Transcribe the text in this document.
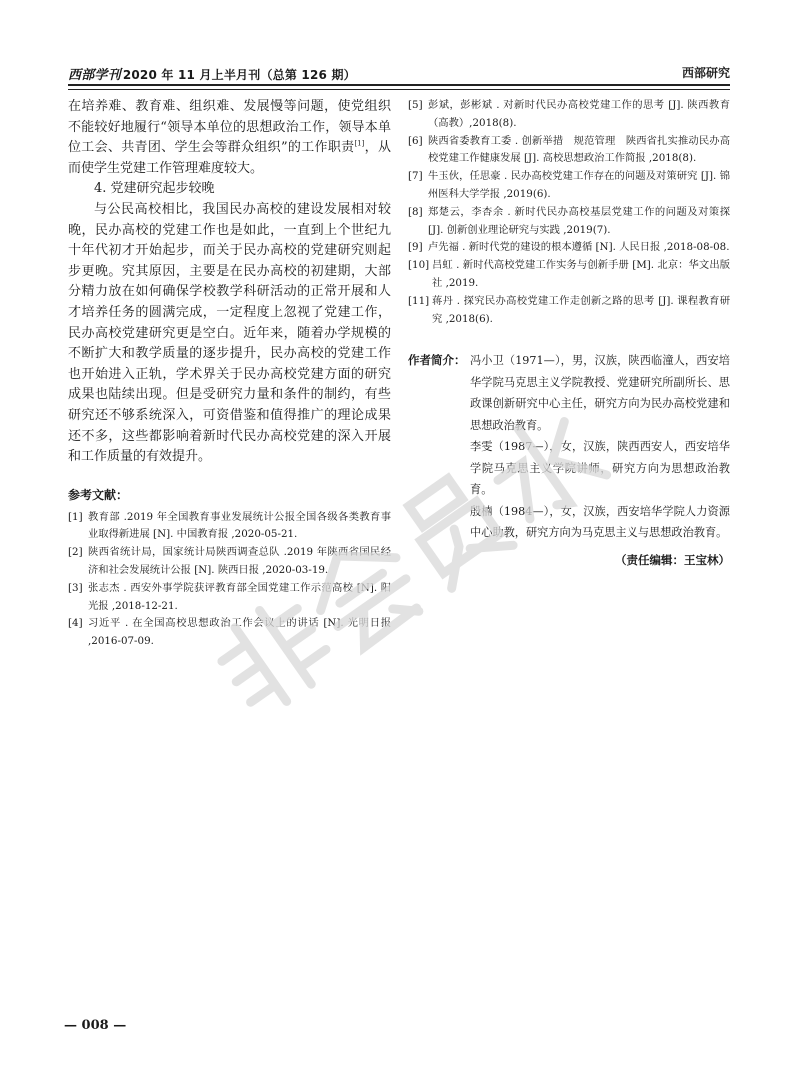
西部学刊 2020 年 11 月上半月刊（总第 126 期）	西部研究

在培养难、教育难、组织难、发展慢等问题，使党组织不能较好地履行“领导本单位的思想政治工作，领导本单位工会、共青团、学生会等群众组织”的工作职责[1]，从而使学生党建工作管理难度较大。

4. 党建研究起步较晚

与公民高校相比，我国民办高校的建设发展相对较晚，民办高校的党建工作也是如此，一直到上个世纪九十年代初才开始起步，而关于民办高校的党建研究则起步更晚。究其原因，主要是在民办高校的初建期，大部分精力放在如何确保学校教学科研活动的正常开展和人才培养任务的圆满完成，一定程度上忽视了党建工作，民办高校党建研究更是空白。近年来，随着办学规模的不断扩大和教学质量的逐步提升，民办高校的党建工作也开始进入正轨，学术界关于民办高校党建方面的研究成果也陆续出现。但是受研究力量和条件的制约，有些研究还不够系统深入，可资借鉴和值得推广的理论成果还不多，这些都影响着新时代民办高校党建的深入开展和工作质量的有效提升。

参考文献：
[1] 教育部 .2019 年全国教育事业发展统计公报全国各级各类教育事业取得新进展 [N]. 中国教育报 ,2020-05-21.
[2] 陕西省统计局，国家统计局陕西调查总队 .2019 年陕西省国民经济和社会发展统计公报 [N]. 陕西日报 ,2020-03-19.
[3] 张志杰 . 西安外事学院获评教育部全国党建工作示范高校 [N]. 阳光报 ,2018-12-21.
[4] 习近平 . 在全国高校思想政治工作会议上的讲话 [N]. 光明日报 ,2016-07-09.
[5] 彭斌，彭彬斌 . 对新时代民办高校党建工作的思考 [J]. 陕西教育（高教）,2018(8).
[6] 陕西省委教育工委 . 创新举措　规范管理　陕西省扎实推动民办高校党建工作健康发展 [J]. 高校思想政治工作简报 ,2018(8).
[7] 牛玉伙，任思豪 . 民办高校党建工作存在的问题及对策研究 [J]. 锦州医科大学学报 ,2019(6).
[8] 郑楚云，李杏余 . 新时代民办高校基层党建工作的问题及对策探 [J]. 创新创业理论研究与实践 ,2019(7).
[9] 卢先福 . 新时代党的建设的根本遵循 [N]. 人民日报 ,2018-08-08.
[10] 吕虹 . 新时代高校党建工作实务与创新手册 [M]. 北京：华文出版社 ,2019.
[11] 蒋丹 . 探究民办高校党建工作走创新之路的思考 [J]. 课程教育研究 ,2018(6).
作者简介： 冯小卫（1971—），男，汉族，陕西临潼人，西安培华学院马克思主义学院教授、党建研究所副所长、思政课创新研究中心主任，研究方向为民办高校党建和思想政治教育。
李雯（1987—），女，汉族，陕西西安人，西安培华学院马克思主义学院讲师，研究方向为思想政治教育。
殷楠（1984—），女，汉族，西安培华学院人力资源中心助教，研究方向为马克思主义与思想政治教育。
（责任编辑：王宝林）
— 008 —
